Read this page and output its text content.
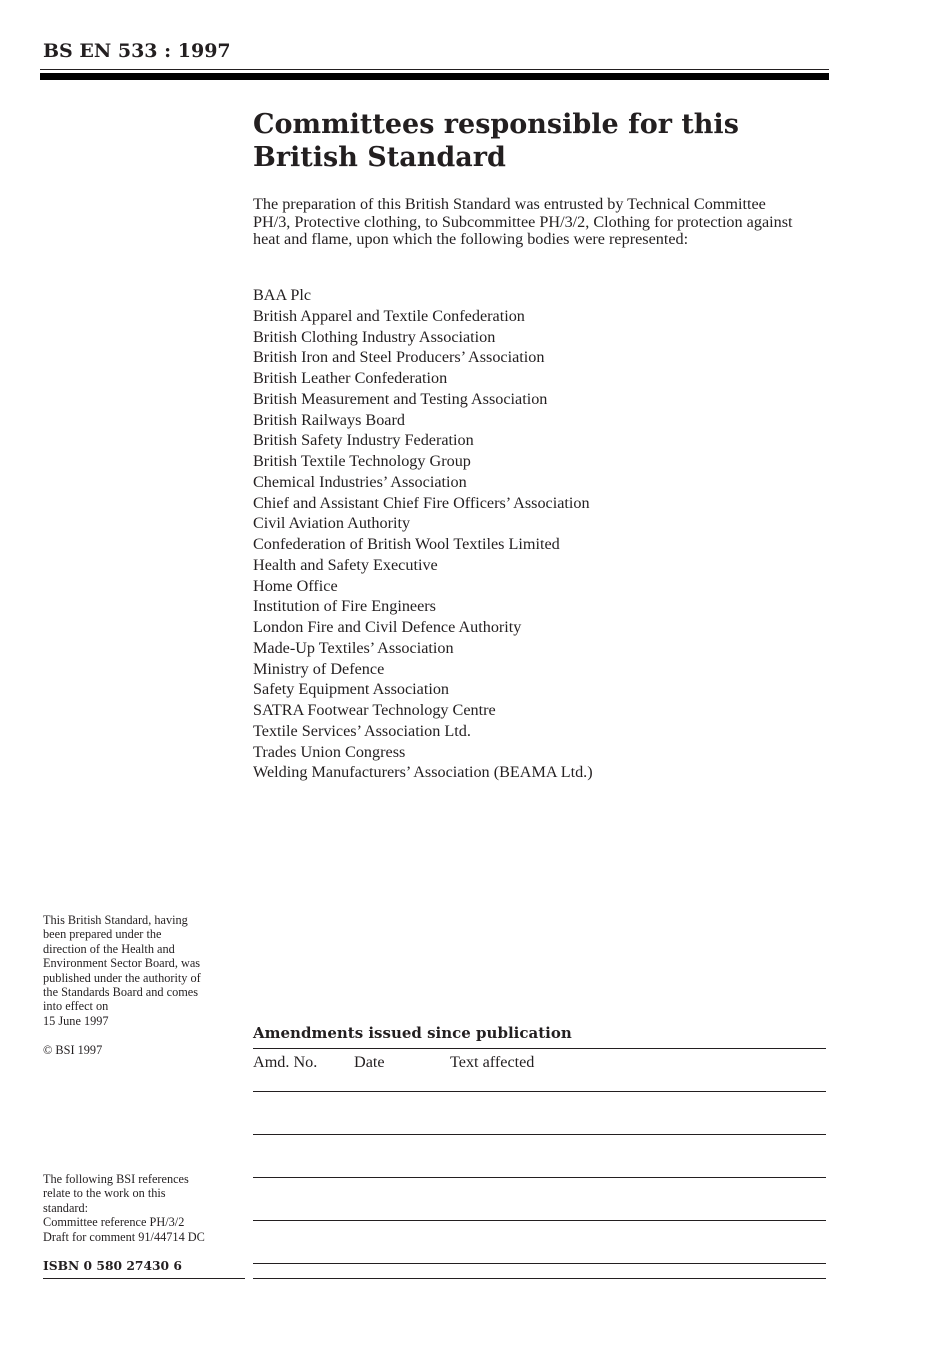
BS EN 533 : 1997
Committees responsible for this
British Standard
The preparation of this British Standard was entrusted by Technical Committee
PH/3, Protective clothing, to Subcommittee PH/3/2, Clothing for protection against
heat and flame, upon which the following bodies were represented:
BAA Plc
British Apparel and Textile Confederation
British Clothing Industry Association
British Iron and Steel Producers’ Association
British Leather Confederation
British Measurement and Testing Association
British Railways Board
British Safety Industry Federation
British Textile Technology Group
Chemical Industries’ Association
Chief and Assistant Chief Fire Officers’ Association
Civil Aviation Authority
Confederation of British Wool Textiles Limited
Health and Safety Executive
Home Office
Institution of Fire Engineers
London Fire and Civil Defence Authority
Made-Up Textiles’ Association
Ministry of Defence
Safety Equipment Association
SATRA Footwear Technology Centre
Textile Services’ Association Ltd.
Trades Union Congress
Welding Manufacturers’ Association (BEAMA Ltd.)
This British Standard, having
been prepared under the
direction of the Health and
Environment Sector Board, was
published under the authority of
the Standards Board and comes
into effect on
15 June 1997
© BSI 1997
The following BSI references
relate to the work on this
standard:
Committee reference PH/3/2
Draft for comment 91/44714 DC
ISBN 0 580 27430 6
Amendments issued since publication
Amd. No. Date	Text affected
